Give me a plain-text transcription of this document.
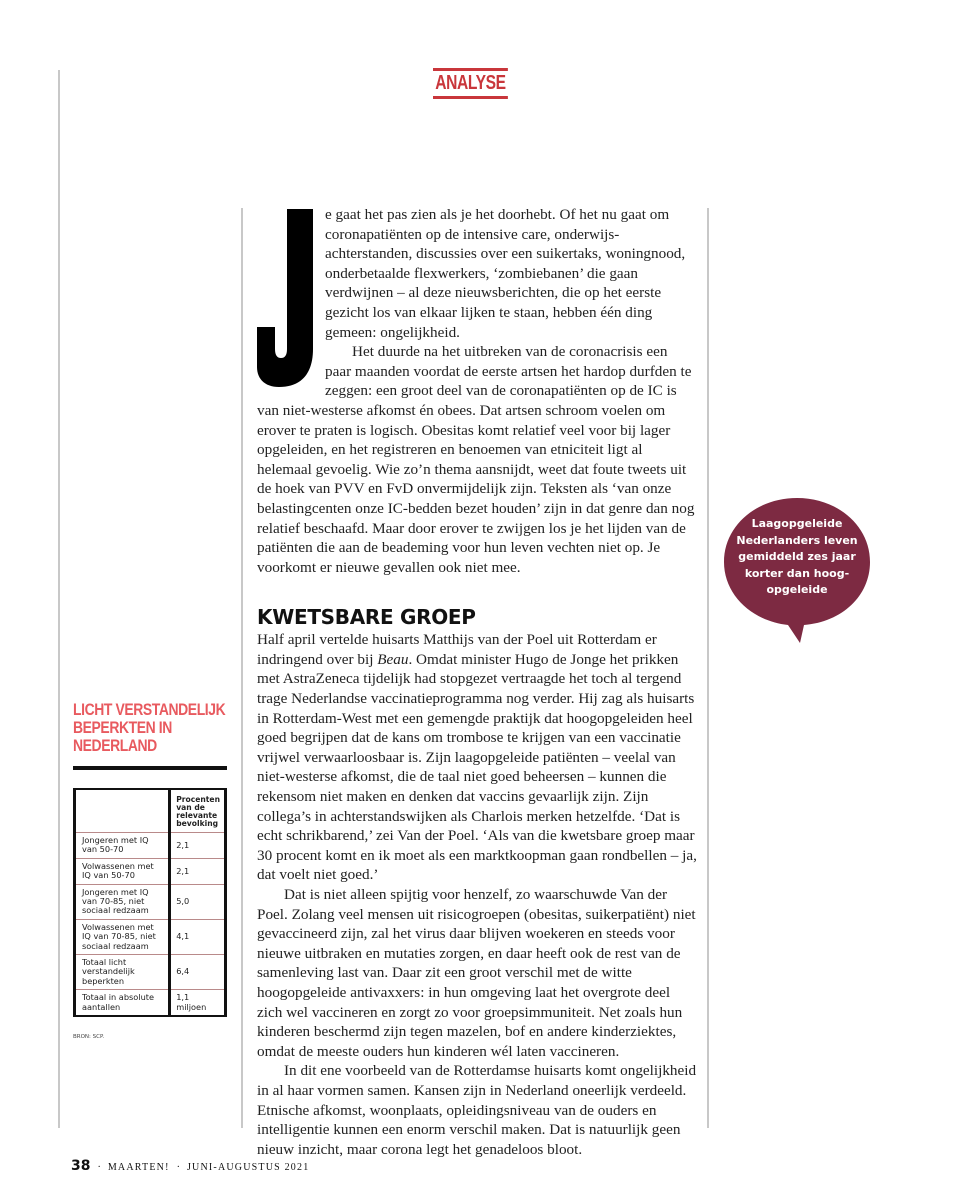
ANALYSE

e gaat het pas zien als je het doorhebt. Of het nu gaat om coronapatiënten op de intensive care, onderwijsachterstanden, discussies over een suikertaks, woningnood, onderbetaalde flexwerkers, ‘zombiebanen’ die gaan verdwijnen – al deze nieuwsberichten, die op het eerste gezicht los van elkaar lijken te staan, hebben één ding gemeen: ongelijkheid.

Het duurde na het uitbreken van de coronacrisis een paar maanden voordat de eerste artsen het hardop durfden te zeggen: een groot deel van de coronapatiënten op de IC is van niet-westerse afkomst én obees. Dat artsen schroom voelen om erover te praten is logisch. Obesitas komt relatief veel voor bij lager opgeleiden, en het registreren en benoemen van etniciteit ligt al helemaal gevoelig. Wie zo’n thema aansnijdt, weet dat foute tweets uit de hoek van PVV en FvD onvermijdelijk zijn. Teksten als ‘van onze belastingcenten onze IC-bedden bezet houden’ zijn in dat genre dan nog relatief beschaafd. Maar door erover te zwijgen los je het lijden van de patiënten die aan de beademing voor hun leven vechten niet op. Je voorkomt er nieuwe gevallen ook niet mee.

KWETSBARE GROEP

Half april vertelde huisarts Matthijs van der Poel uit Rotterdam er indringend over bij Beau. Omdat minister Hugo de Jonge het prikken met AstraZeneca tijdelijk had stopgezet vertraagde het toch al tergend trage Nederlandse vaccinatieprogramma nog verder. Hij zag als huisarts in Rotterdam-West met een gemengde praktijk dat hoogopgeleiden heel goed begrijpen dat de kans om trombose te krijgen van een vaccinatie vrijwel verwaarloosbaar is. Zijn laagopgeleide patiënten – veelal van niet-westerse afkomst, die de taal niet goed beheersen – kunnen die rekensom niet maken en denken dat vaccins gevaarlijk zijn. Zijn collega’s in achterstandswijken als Charlois merken hetzelfde. ‘Dat is echt schrikbarend,’ zei Van der Poel. ‘Als van die kwetsbare groep maar 30 procent komt en ik moet als een marktkoopman gaan rondbellen – ja, dat voelt niet goed.’

Dat is niet alleen spijtig voor henzelf, zo waarschuwde Van der Poel. Zolang veel mensen uit risicogroepen (obesitas, suikerpatiënt) niet gevaccineerd zijn, zal het virus daar blijven woekeren en steeds voor nieuwe uitbraken en mutaties zorgen, en daar heeft ook de rest van de samenleving last van. Daar zit een groot verschil met de witte hoogopgeleide antivaxxers: in hun omgeving laat het overgrote deel zich wel vaccineren en zorgt zo voor groepsimmuniteit. Net zoals hun kinderen beschermd zijn tegen mazelen, bof en andere kinderziektes, omdat de meeste ouders hun kinderen wél laten vaccineren.

In dit ene voorbeeld van de Rotterdamse huisarts komt ongelijkheid in al haar vormen samen. Kansen zijn in Nederland oneerlijk verdeeld. Etnische afkomst, woonplaats, opleidingsniveau van de ouders en intelligentie kunnen een enorm verschil maken. Dat is natuurlijk geen nieuw inzicht, maar corona legt het genadeloos bloot.

LICHT VERSTANDELIJK BEPERKTEN IN NEDERLAND
	Procenten van de relevante bevolking
Jongeren met IQ van 50-70	2,1
Volwassenen met IQ van 50-70	2,1
Jongeren met IQ van 70-85, niet sociaal redzaam	5,0
Volwassenen met IQ van 70-85, niet sociaal redzaam	4,1
Totaal licht verstandelijk beperkten	6,4
Totaal in absolute aantallen	1,1 miljoen
BRON: SCP.
Laagopgeleide Nederlanders leven gemiddeld zes jaar korter dan hoogopgeleide
38 · MAARTEN! · JUNI-AUGUSTUS 2021
